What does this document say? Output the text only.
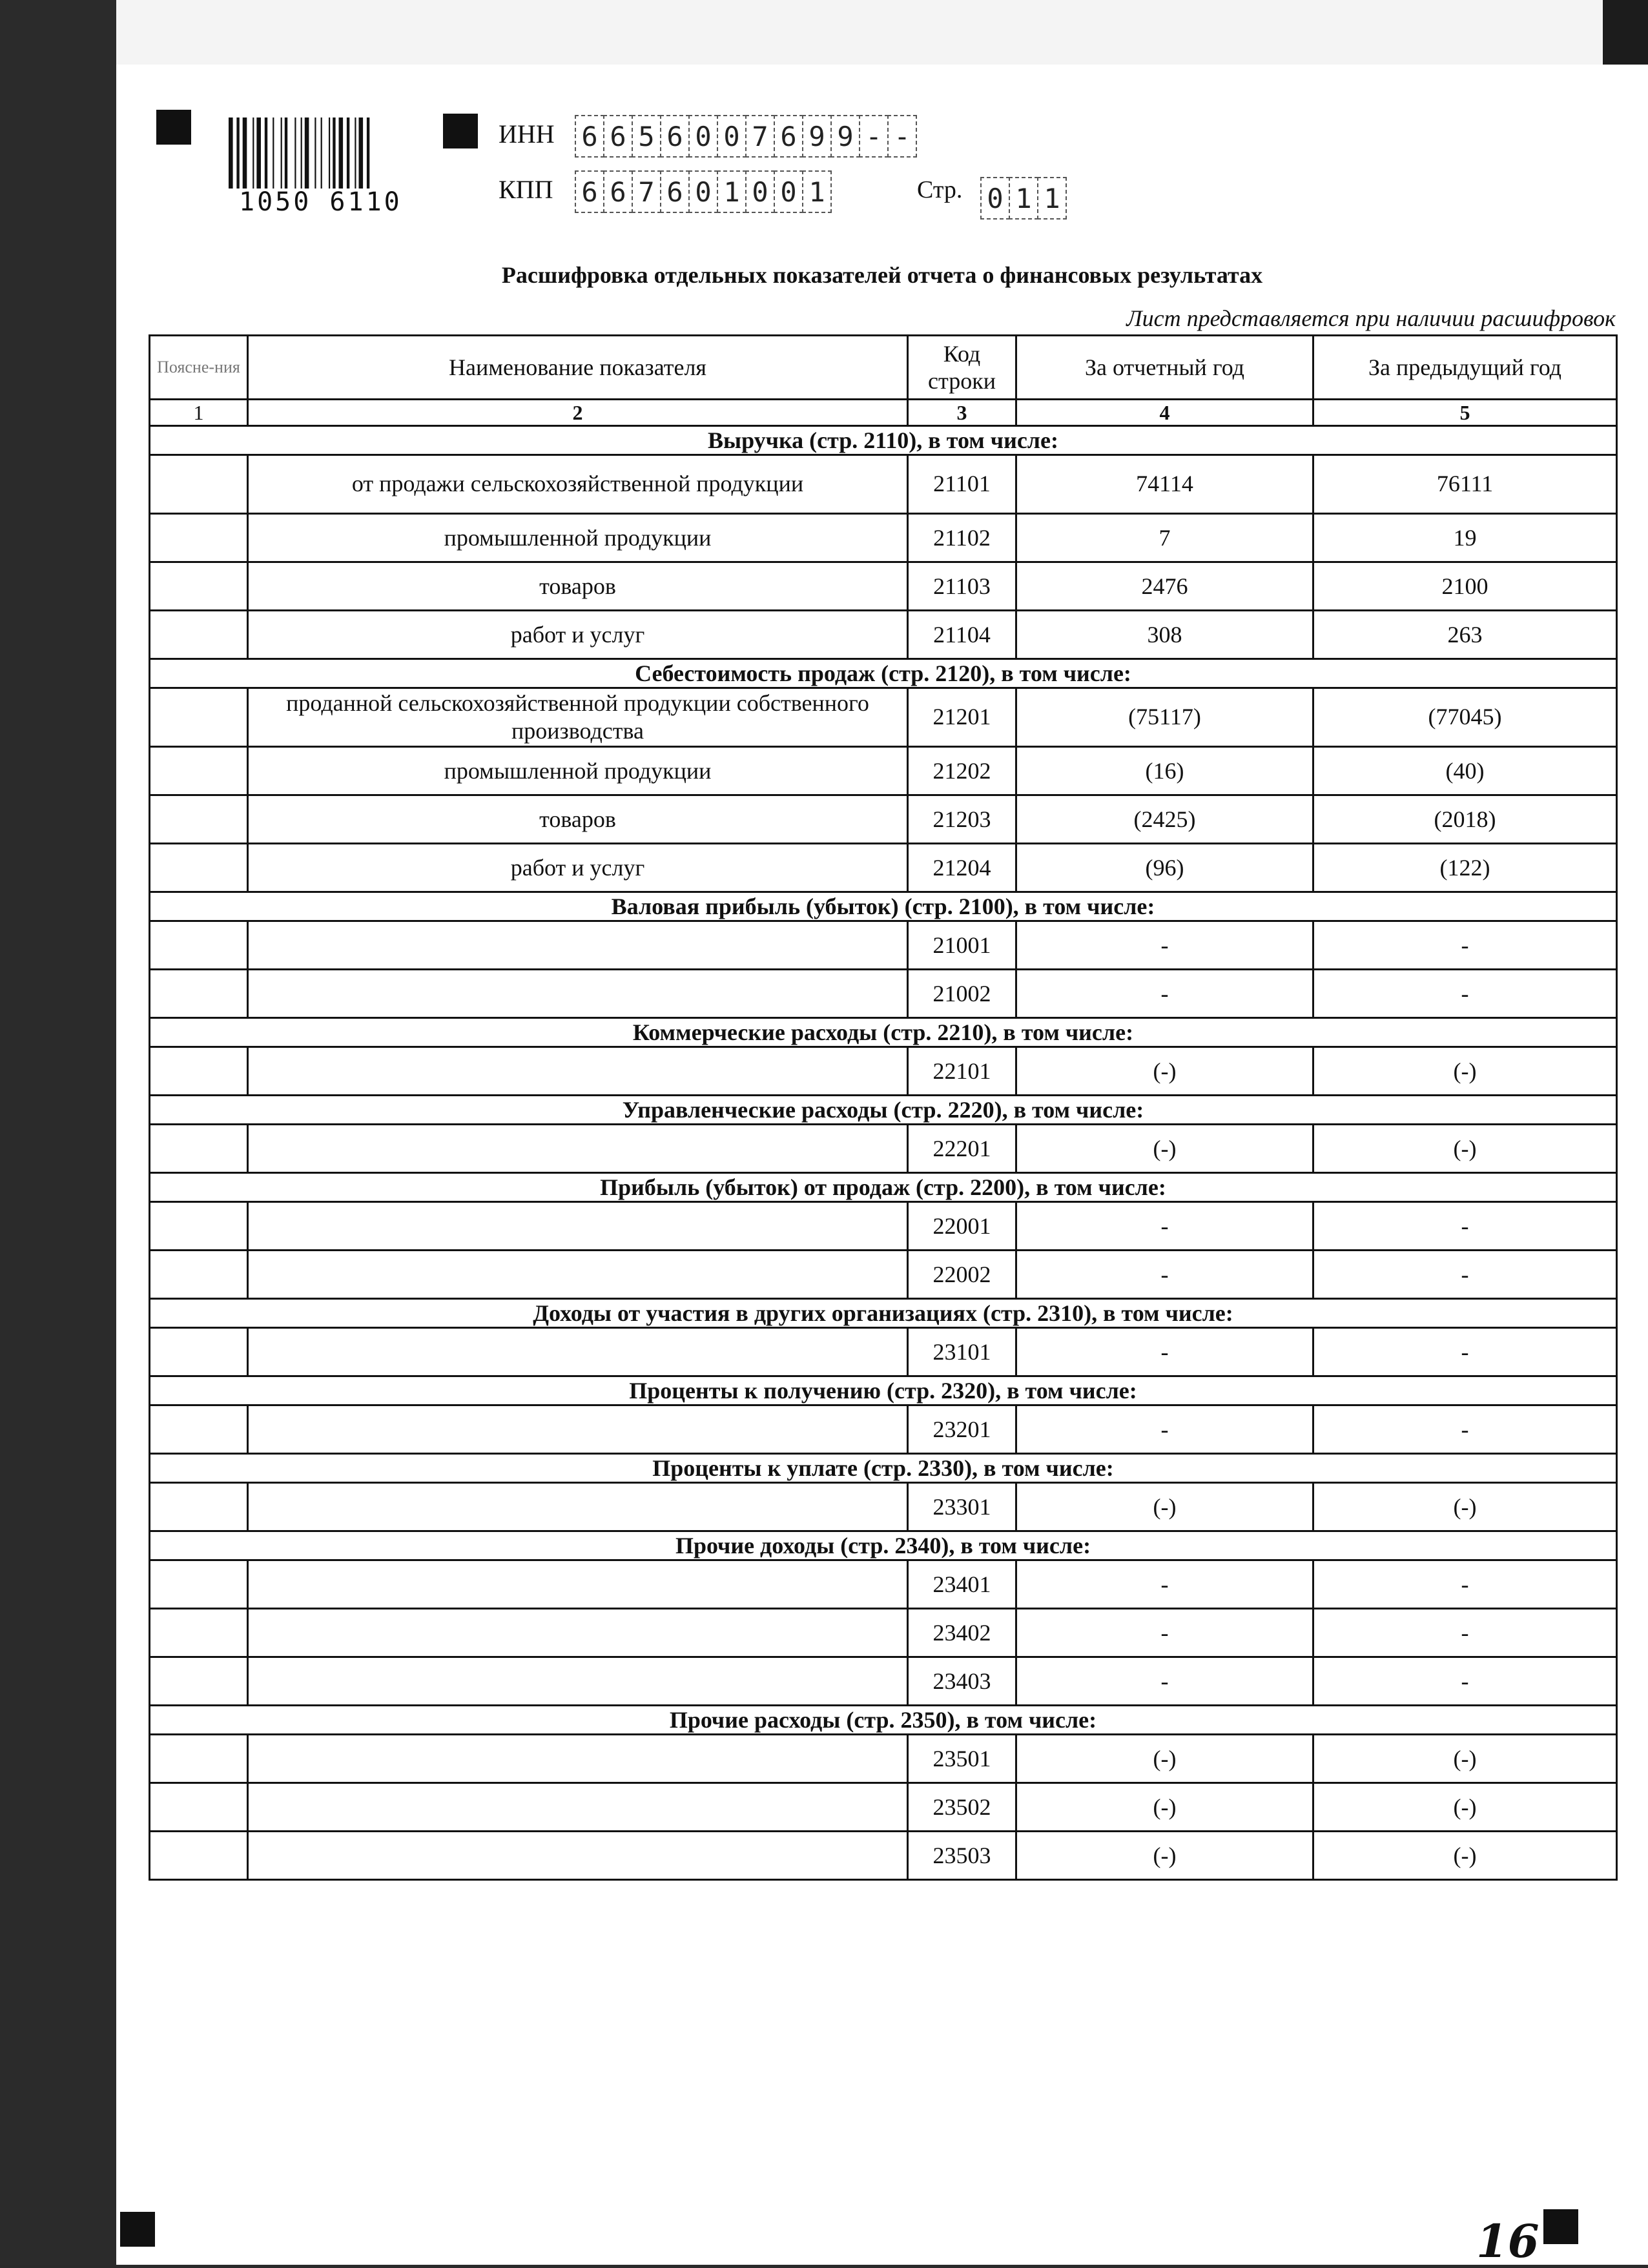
1050 6110
ИНН 6 6 5 6 0 0 7 6 9 9 - -
КПП 6 6 7 6 0 1 0 0 1	Стр. 0 1 1
Расшифровка отдельных показателей отчета о финансовых результатах
Лист представляется при наличии расшифровок
Поясне-ния	Наименование показателя	Код строки	За отчетный год	За предыдущий год
1	2	3	4	5
Выручка (стр. 2110), в том числе:				
	от продажи сельскохозяйственной продукции	21101	74114	76111
	промышленной продукции	21102	7	19
	товаров	21103	2476	2100
	работ и услуг	21104	308	263
Себестоимость продаж (стр. 2120), в том числе:				
	проданной сельскохозяйственной продукции собственного производства	21201	(75117)	(77045)
	промышленной продукции	21202	(16)	(40)
	товаров	21203	(2425)	(2018)
	работ и услуг	21204	(96)	(122)
Валовая прибыль (убыток) (стр. 2100), в том числе:				
		21001	-	-
		21002	-	-
Коммерческие расходы (стр. 2210), в том числе:				
		22101	(-)	(-)
Управленческие расходы (стр. 2220), в том числе:				
		22201	(-)	(-)
Прибыль (убыток) от продаж (стр. 2200), в том числе:				
		22001	-	-
		22002	-	-
Доходы от участия в других организациях (стр. 2310), в том числе:				
		23101	-	-
Проценты к получению (стр. 2320), в том числе:				
		23201	-	-
Проценты к уплате (стр. 2330), в том числе:				
		23301	(-)	(-)
Прочие доходы (стр. 2340), в том числе:				
		23401	-	-
		23402	-	-
		23403	-	-
Прочие расходы (стр. 2350), в том числе:				
		23501	(-)	(-)
		23502	(-)	(-)
		23503	(-)	(-)
16
